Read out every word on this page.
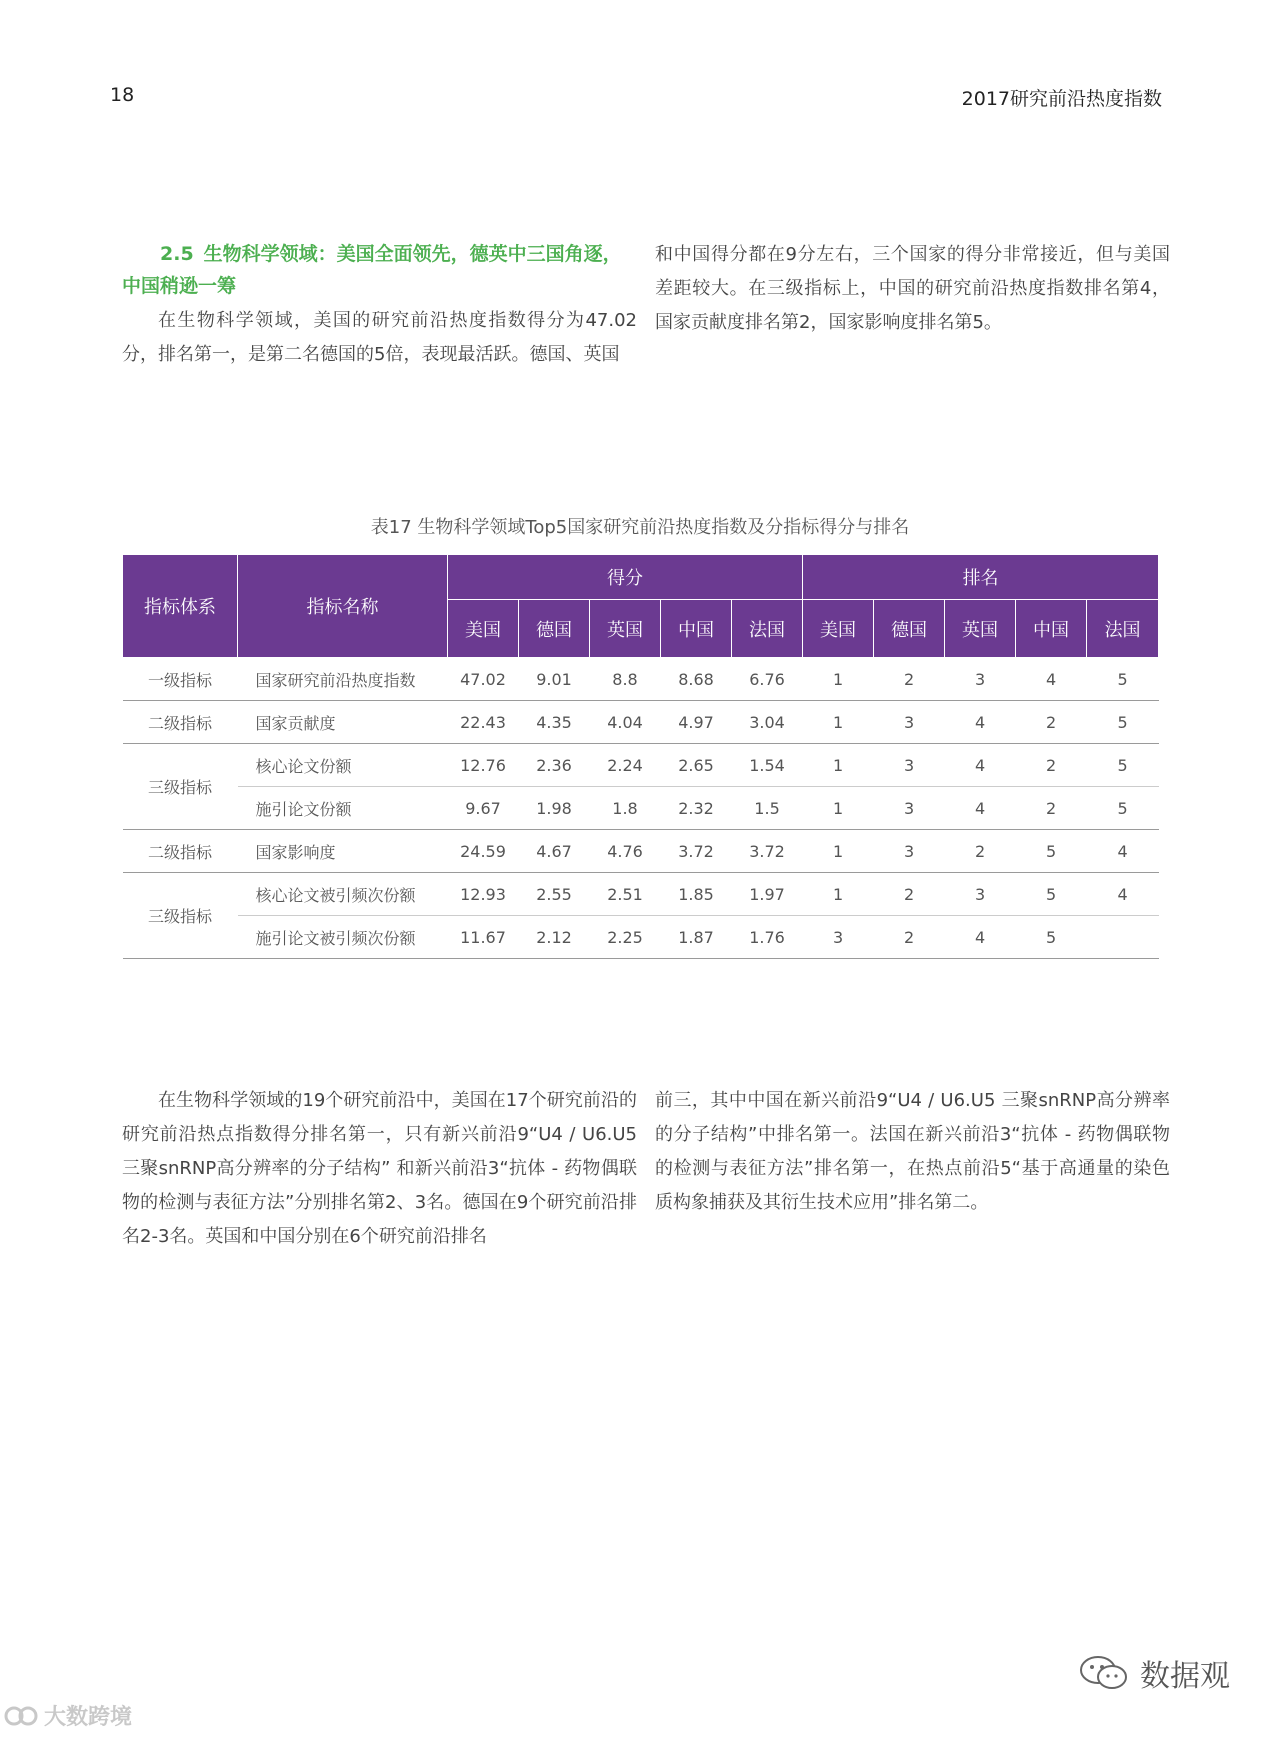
18	2017研究前沿热度指数
2.5 生物科学领域：美国全面领先，德英中三国角逐，
中国稍逊一筹

在生物科学领域，美国的研究前沿热度指数得分为47.02分，排名第一，是第二名德国的5倍，表现最活跃。德国、英国

和中国得分都在9分左右，三个国家的得分非常接近，但与美国差距较大。在三级指标上，中国的研究前沿热度指数排名第4，国家贡献度排名第2，国家影响度排名第5。

表17 生物科学领域Top5国家研究前沿热度指数及分指标得分与排名
指标体系	指标名称	得分					排名				
		美国	德国	英国	中国	法国	美国	德国	英国	中国	法国
一级指标	国家研究前沿热度指数	47.02	9.01	8.8	8.68	6.76	1	2	3	4	5
二级指标	国家贡献度	22.43	4.35	4.04	4.97	3.04	1	3	4	2	5
三级指标	核心论文份额	12.76	2.36	2.24	2.65	1.54	1	3	4	2	5
	施引论文份额	9.67	1.98	1.8	2.32	1.5	1	3	4	2	5
二级指标	国家影响度	24.59	4.67	4.76	3.72	3.72	1	3	2	5	4
三级指标	核心论文被引频次份额	12.93	2.55	2.51	1.85	1.97	1	2	3	5	4
	施引论文被引频次份额	11.67	2.12	2.25	1.87	1.76	3	2	4	5	

在生物科学领域的19个研究前沿中，美国在17个研究前沿的研究前沿热点指数得分排名第一，只有新兴前沿9“U4 / U6.U5 三聚snRNP高分辨率的分子结构” 和新兴前沿3“抗体 - 药物偶联物的检测与表征方法”分别排名第2、3名。德国在9个研究前沿排名2-3名。英国和中国分别在6个研究前沿排名

前三，其中中国在新兴前沿9“U4 / U6.U5 三聚snRNP高分辨率的分子结构”中排名第一。法国在新兴前沿3“抗体 - 药物偶联物的检测与表征方法”排名第一，在热点前沿5“基于高通量的染色质构象捕获及其衍生技术应用”排名第二。

大数跨境
数据观
